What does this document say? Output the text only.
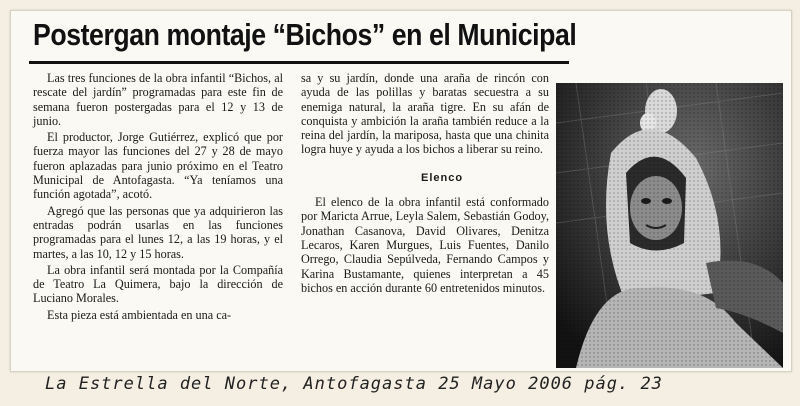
Postergan montaje “Bichos” en el Municipal

Las tres funciones de la obra infantil “Bichos, al rescate del jardín” programadas para este fin de semana fueron postergadas para el 12 y 13 de junio.

El productor, Jorge Gutiérrez, explicó que por fuerza mayor las funciones del 27 y 28 de mayo fueron aplazadas para junio próximo en el Teatro Municipal de Antofagasta. “Ya teníamos una función agotada”, acotó.

Agregó que las personas que ya adquirieron las entradas podrán usarlas en las funciones programadas para el lunes 12, a las 19 horas, y el martes, a las 10, 12 y 15 horas.

La obra infantil será montada por la Compañía de Teatro La Quimera, bajo la dirección de Luciano Morales.

Esta pieza está ambientada en una ca-

sa y su jardín, donde una araña de rincón con ayuda de las polillas y baratas secuestra a su enemiga natural, la araña tigre. En su afán de conquista y ambición la araña también reduce a la reina del jardín, la mariposa, hasta que una chinita logra huye y ayuda a los bichos a liberar su reino.

Elenco

El elenco de la obra infantil está conformado por Maricta Arrue, Leyla Salem, Sebastián Godoy, Jonathan Casanova, David Olivares, Denitza Lecaros, Karen Murgues, Luis Fuentes, Danilo Orrego, Claudia Sepúlveda, Fernando Campos y Karina Bustamante, quienes interpretan a 45 bichos en acción durante 60 entretenidos minutos.

La Estrella del Norte, Antofagasta 25 Mayo 2006 pág. 23
